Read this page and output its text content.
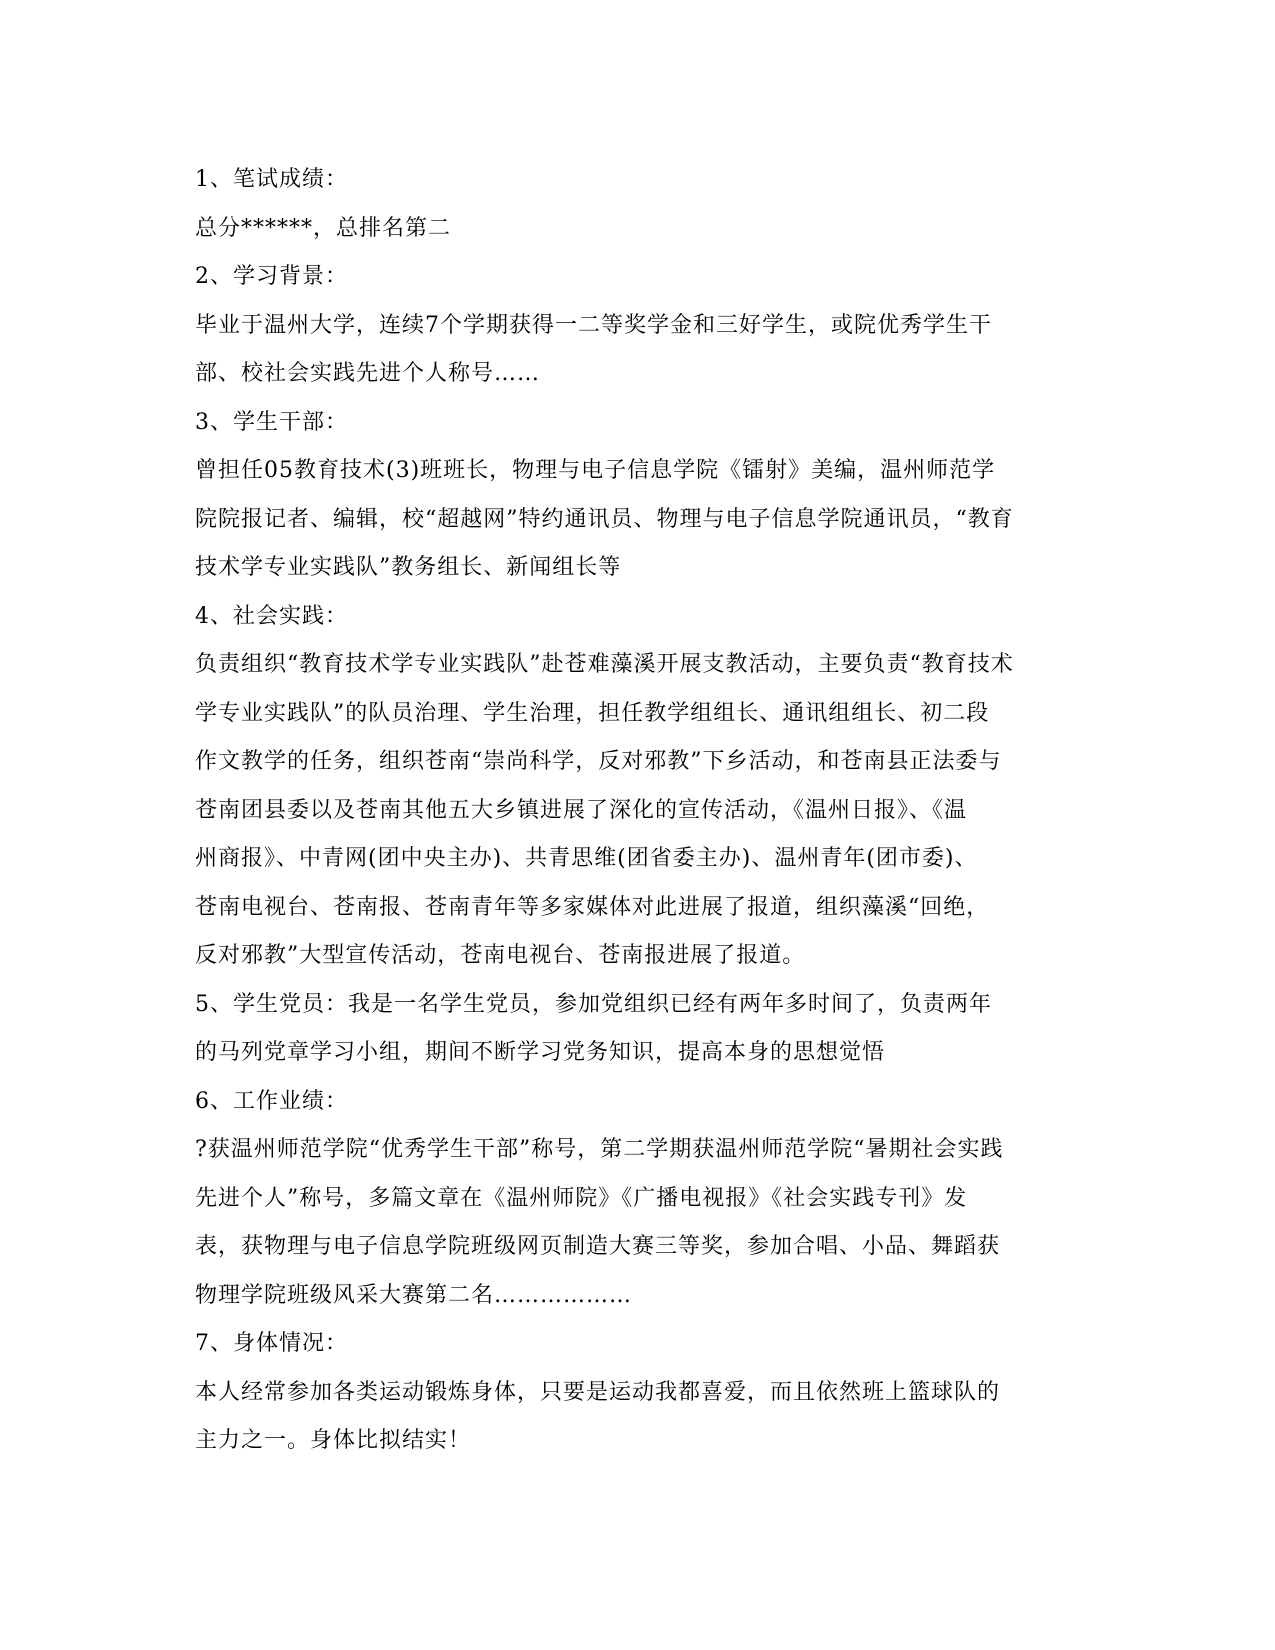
1、笔试成绩：
总分******，总排名第二
2、学习背景：
毕业于温州大学，连续7个学期获得一二等奖学金和三好学生，或院优秀学生干
部、校社会实践先进个人称号……
3、学生干部：
曾担任05教育技术(3)班班长，物理与电子信息学院《镭射》美编，温州师范学
院院报记者、编辑，校“超越网”特约通讯员、物理与电子信息学院通讯员，“教育
技术学专业实践队”教务组长、新闻组长等
4、社会实践：
负责组织“教育技术学专业实践队”赴苍难藻溪开展支教活动，主要负责“教育技术
学专业实践队”的队员治理、学生治理，担任教学组组长、通讯组组长、初二段
作文教学的任务，组织苍南“崇尚科学，反对邪教”下乡活动，和苍南县正法委与
苍南团县委以及苍南其他五大乡镇进展了深化的宣传活动，《温州日报》、《温
州商报》、中青网(团中央主办)、共青思维(团省委主办)、温州青年(团市委)、
苍南电视台、苍南报、苍南青年等多家媒体对此进展了报道，组织藻溪“回绝，
反对邪教”大型宣传活动，苍南电视台、苍南报进展了报道。
5、学生党员：我是一名学生党员，参加党组织已经有两年多时间了，负责两年
的马列党章学习小组，期间不断学习党务知识，提高本身的思想觉悟
6、工作业绩：
?获温州师范学院“优秀学生干部”称号，第二学期获温州师范学院“暑期社会实践
先进个人”称号，多篇文章在《温州师院》《广播电视报》《社会实践专刊》发
表，获物理与电子信息学院班级网页制造大赛三等奖，参加合唱、小品、舞蹈获
物理学院班级风采大赛第二名………………
7、身体情况：
本人经常参加各类运动锻炼身体，只要是运动我都喜爱，而且依然班上篮球队的
主力之一。身体比拟结实！
